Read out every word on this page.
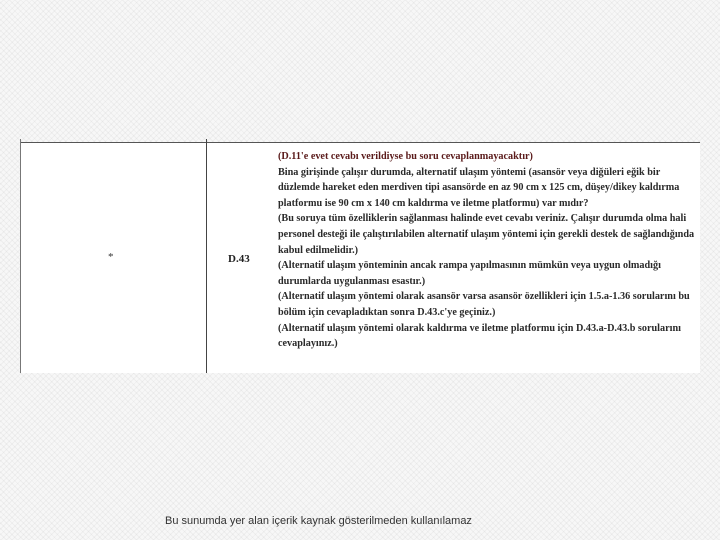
*	D.43

(D.11'e evet cevabı verildiyse bu soru cevaplanmayacaktır)

Bina girişinde çalışır durumda, alternatif ulaşım yöntemi (asansör veya diğüleri eğik bir düzlemde hareket eden merdiven tipi asansörde en az 90 cm x 125 cm, düşey/dikey kaldırma platformu ise 90 cm x 140 cm kaldırma ve iletme platformu) var mıdır?

(Bu soruya tüm özelliklerin sağlanması halinde evet cevabı veriniz. Çalışır durumda olma hali personel desteği ile çalıştırılabilen alternatif ulaşım yöntemi için gerekli destek de sağlandığında kabul edilmelidir.)

(Alternatif ulaşım yönteminin ancak rampa yapılmasının mümkün veya uygun olmadığı durumlarda uygulanması esastır.)

(Alternatif ulaşım yöntemi olarak asansör varsa asansör özellikleri için 1.5.a-1.36 sorularını bu bölüm için cevapladıktan sonra D.43.c'ye geçiniz.)

(Alternatif ulaşım yöntemi olarak kaldırma ve iletme platformu için D.43.a-D.43.b sorularını cevaplayınız.)

Bu sunumda yer alan içerik kaynak gösterilmeden kullanılamaz
